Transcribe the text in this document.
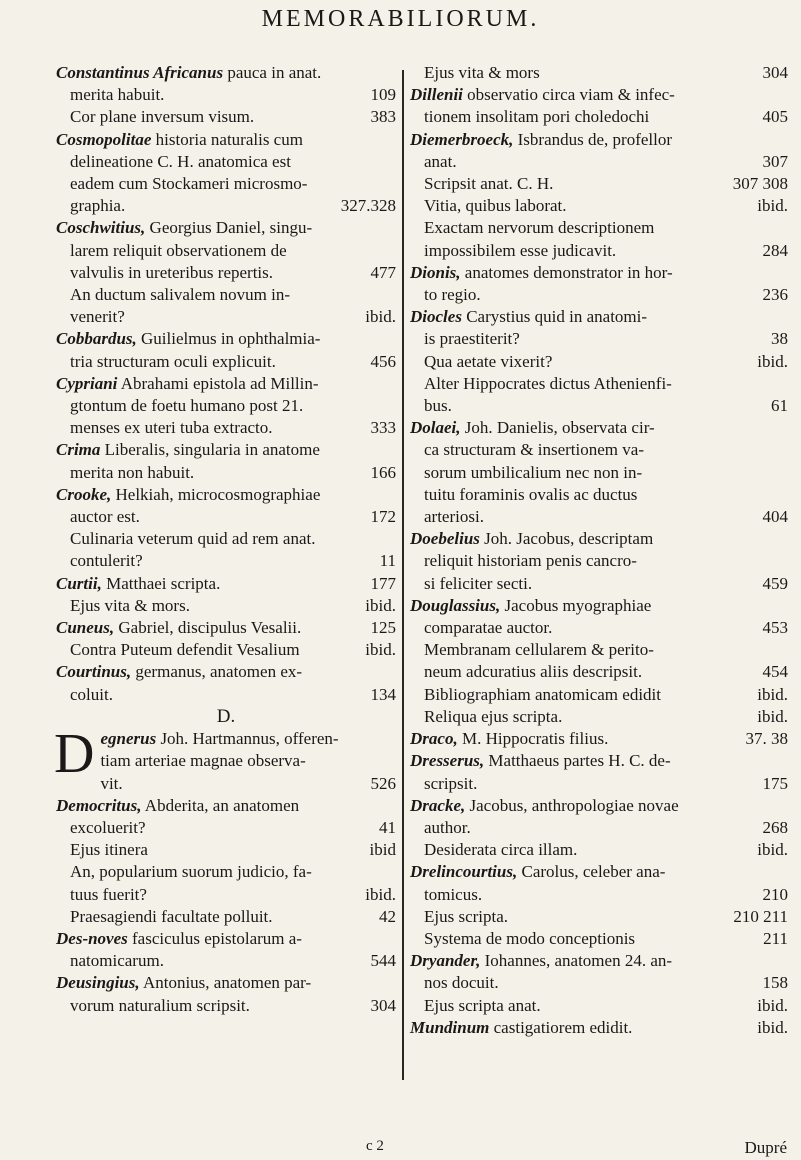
MEMORABILIORUM.
Constantinus Africanus pauca in anat.
109
merita habuit.
383
Cor plane inversum visum.
Cosmopolitae historia naturalis cum
delineatione C. H. anatomica est
eadem cum Stockameri microsmo-
327.328
graphia.
Coschwitius, Georgius Daniel, singu-
larem reliquit observationem de
477
valvulis in ureteribus repertis.
An ductum salivalem novum in-
ibid.
venerit?
Cobbardus, Guilielmus in ophthalmia-
456
tria structuram oculi explicuit.
Cypriani Abrahami epistola ad Millin-
gtontum de foetu humano post 21.
333
menses ex uteri tuba extracto.
Crima Liberalis, singularia in anatome
166
merita non habuit.
Crooke, Helkiah, microcosmographiae
172
auctor est.
Culinaria veterum quid ad rem anat.
11
contulerit?
177
Curtii, Matthaei scripta.
ibid.
Ejus vita & mors.
125
Cuneus, Gabriel, discipulus Vesalii.
ibid.
Contra Puteum defendit Vesalium
Courtinus, germanus, anatomen ex-
134
coluit.
D.
D egnerus Joh. Hartmannus, offeren-
tiam arteriae magnae observa-
526
vit.
Democritus, Abderita, an anatomen
41
excoluerit?
ibid
Ejus itinera
An, popularium suorum judicio, fa-
ibid.
tuus fuerit?
42
Praesagiendi facultate polluit.
Des-noves fasciculus epistolarum a-
544
natomicarum.
Deusingius, Antonius, anatomen par-
304
vorum naturalium scripsit.
304
Ejus vita & mors
Dillenii observatio circa viam & infec-
405
tionem insolitam pori choledochi
Diemerbroeck, Isbrandus de, profellor
307
anat.
307 308
Scripsit anat. C. H.
ibid.
Vitia, quibus laborat.
Exactam nervorum descriptionem
284
impossibilem esse judicavit.
Dionis, anatomes demonstrator in hor-
236
to regio.
Diocles Carystius quid in anatomi-
38
is praestiterit?
ibid.
Qua aetate vixerit?
Alter Hippocrates dictus Athenienfi-
61
bus.
Dolaei, Joh. Danielis, observata cir-
ca structuram & insertionem va-
sorum umbilicalium nec non in-
tuitu foraminis ovalis ac ductus
404
arteriosi.
Doebelius Joh. Jacobus, descriptam
reliquit historiam penis cancro-
459
si feliciter secti.
Douglassius, Jacobus myographiae
453
comparatae auctor.
Membranam cellularem & perito-
454
neum adcuratius aliis descripsit.
ibid.
Bibliographiam anatomicam edidit
ibid.
Reliqua ejus scripta.
37. 38
Draco, M. Hippocratis filius.
Dresserus, Matthaeus partes H. C. de-
175
scripsit.
Dracke, Jacobus, anthropologiae novae
268
author.
ibid.
Desiderata circa illam.
Drelincourtius, Carolus, celeber ana-
210
tomicus.
210 211
Ejus scripta.
211
Systema de modo conceptionis
Dryander, Iohannes, anatomen 24. an-
158
nos docuit.
ibid.
Ejus scripta anat.
ibid.
Mundinum castigatiorem edidit.
c 2	Dupré
